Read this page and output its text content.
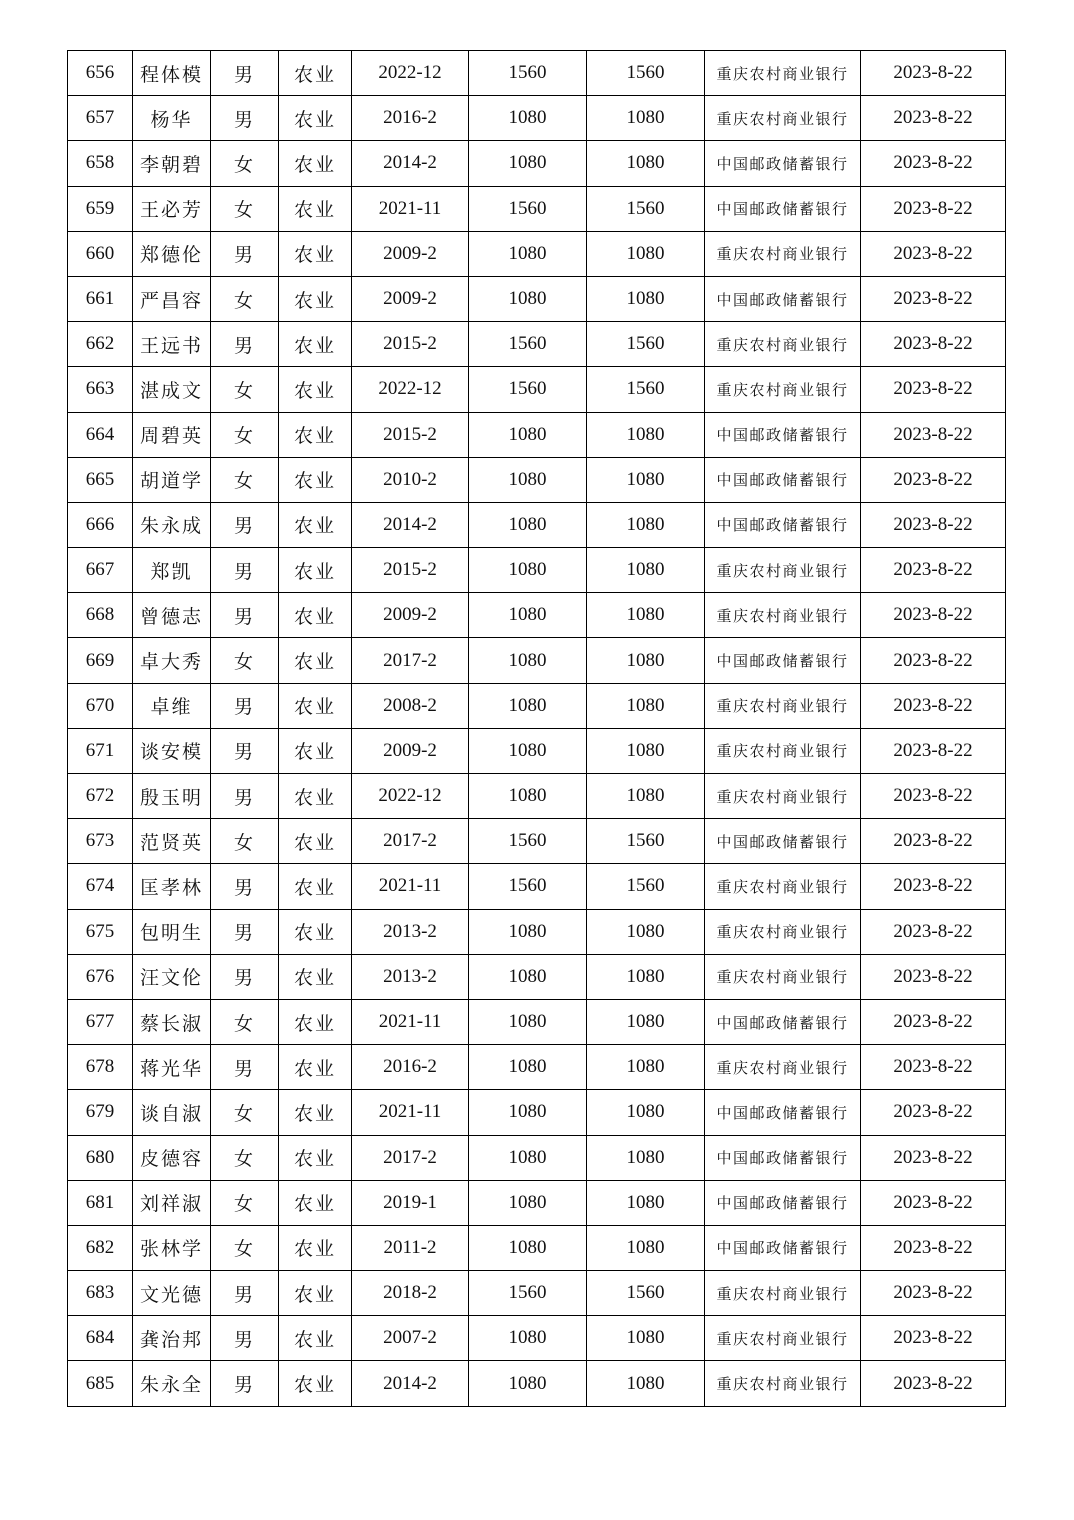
656	程体模	男	农业	2022-12	1560	1560	重庆农村商业银行	2023-8-22
657	杨华	男	农业	2016-2	1080	1080	重庆农村商业银行	2023-8-22
658	李朝碧	女	农业	2014-2	1080	1080	中国邮政储蓄银行	2023-8-22
659	王必芳	女	农业	2021-11	1560	1560	中国邮政储蓄银行	2023-8-22
660	郑德伦	男	农业	2009-2	1080	1080	重庆农村商业银行	2023-8-22
661	严昌容	女	农业	2009-2	1080	1080	中国邮政储蓄银行	2023-8-22
662	王远书	男	农业	2015-2	1560	1560	重庆农村商业银行	2023-8-22
663	湛成文	女	农业	2022-12	1560	1560	重庆农村商业银行	2023-8-22
664	周碧英	女	农业	2015-2	1080	1080	中国邮政储蓄银行	2023-8-22
665	胡道学	女	农业	2010-2	1080	1080	中国邮政储蓄银行	2023-8-22
666	朱永成	男	农业	2014-2	1080	1080	中国邮政储蓄银行	2023-8-22
667	郑凯	男	农业	2015-2	1080	1080	重庆农村商业银行	2023-8-22
668	曾德志	男	农业	2009-2	1080	1080	重庆农村商业银行	2023-8-22
669	卓大秀	女	农业	2017-2	1080	1080	中国邮政储蓄银行	2023-8-22
670	卓维	男	农业	2008-2	1080	1080	重庆农村商业银行	2023-8-22
671	谈安模	男	农业	2009-2	1080	1080	重庆农村商业银行	2023-8-22
672	殷玉明	男	农业	2022-12	1080	1080	重庆农村商业银行	2023-8-22
673	范贤英	女	农业	2017-2	1560	1560	中国邮政储蓄银行	2023-8-22
674	匡孝林	男	农业	2021-11	1560	1560	重庆农村商业银行	2023-8-22
675	包明生	男	农业	2013-2	1080	1080	重庆农村商业银行	2023-8-22
676	汪文伦	男	农业	2013-2	1080	1080	重庆农村商业银行	2023-8-22
677	蔡长淑	女	农业	2021-11	1080	1080	中国邮政储蓄银行	2023-8-22
678	蒋光华	男	农业	2016-2	1080	1080	重庆农村商业银行	2023-8-22
679	谈自淑	女	农业	2021-11	1080	1080	中国邮政储蓄银行	2023-8-22
680	皮德容	女	农业	2017-2	1080	1080	中国邮政储蓄银行	2023-8-22
681	刘祥淑	女	农业	2019-1	1080	1080	中国邮政储蓄银行	2023-8-22
682	张林学	女	农业	2011-2	1080	1080	中国邮政储蓄银行	2023-8-22
683	文光德	男	农业	2018-2	1560	1560	重庆农村商业银行	2023-8-22
684	龚治邦	男	农业	2007-2	1080	1080	重庆农村商业银行	2023-8-22
685	朱永全	男	农业	2014-2	1080	1080	重庆农村商业银行	2023-8-22
